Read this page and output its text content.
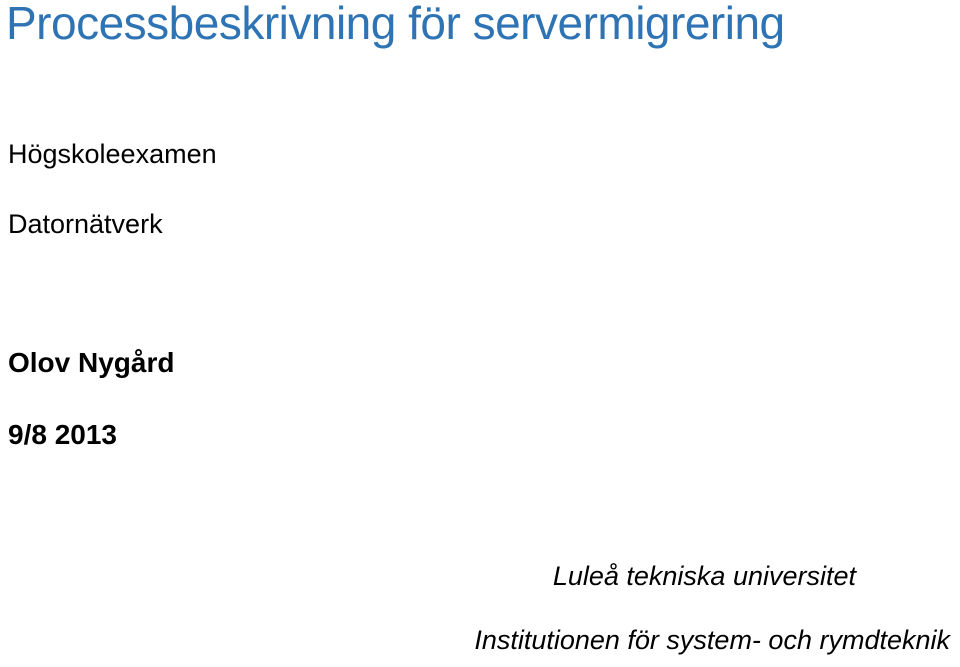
Processbeskrivning för servermigrering

Högskoleexamen

Datornätverk

Olov Nygård

9/8 2013

Luleå tekniska universitet

Institutionen för system- och rymdteknik
